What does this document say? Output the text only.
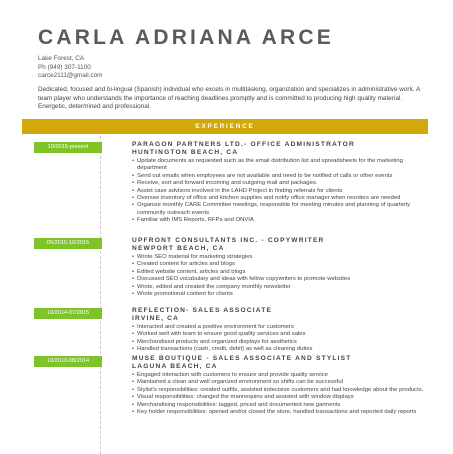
CARLA ADRIANA ARCE
Lake Forest, CA
Ph (949) 307-1100
carce2111@gmail.com
Dedicated, focused and bi-lingual (Spanish) individual who excels in multitasking, organization and specializes in administrative work. A team player who understands the importance of reaching deadlines promptly and is committed to producing high quality material. Energetic, determined and professional.
EXPERIENCE
10/2015-present	PARAGON PARTNERS LTD.- OFFICE ADMINISTRATOR
HUNTINGTON BEACH, CA
• Update documents as requested such as the email distribution list and spreadsheets for the marketing department
• Send out emails when employees are not available and need to be notified of calls or other events
• Receive, sort and forward incoming and outgoing mail and packages.
• Assist case advisors involved in the LAHD Project in finding referrals for clients
• Oversee inventory of office and kitchen supplies and notify office manager when reorders are needed
• Organize monthly CARE Committee meetings, responsible for meeting minutes and planning of quarterly community outreach events
• Familiar with IMS Reports, RFPs and ONVIA
05/2015-10/2015	UPFRONT CONSULTANTS INC. - COPYWRITER
NEWPORT BEACH, CA
• Wrote SEO material for marketing strategies
• Created content for articles and blogs
• Edited website content, articles and blogs
• Discussed SEO vocabulary and ideas with fellow copywriters to promote websites
• Wrote, edited and created the company monthly newsletter
• Wrote promotional content for clients
10/2014-07/2015	REFLECTION- SALES ASSOCIATE
IRVINE, CA
• Interacted and created a positive environment for customers
• Worked well with team to ensure good quality services and sales
• Merchandised products and organized displays for aesthetics
• Handled transactions (cash, credit, debit) as well as cleaning duties
10/2013-08/2014	MUSE BOUTIQUE - SALES ASSOCIATE AND STYLIST
LAGUNA BEACH, CA
• Engaged interaction with customers to ensure and provide quality service
• Maintained a clean and well organized environment so shifts can be successful
• Stylist's responsibilities: created outfits, assisted indecisive customers and had knowledge about the products.
• Visual responsibilities: changed the mannequins and assisted with window displays
• Merchandising responsibilities: tagged, priced and documented new garments
• Key holder responsibilities: opened and/or closed the store, handled transactions and reported daily reports
